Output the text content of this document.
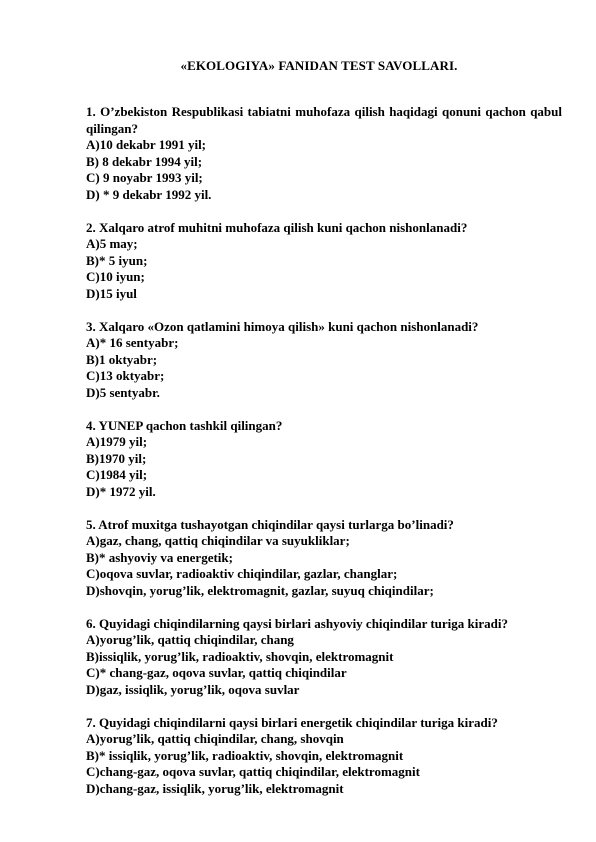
«EKOLOGIYA» FANIDAN TEST SAVOLLARI.
1. O’zbekiston Respublikasi tabiatni muhofaza qilish haqidagi qonuni qachon qabul qilingan?
A)10 dekabr 1991 yil;
B) 8 dekabr 1994 yil;
C) 9 noyabr 1993 yil;
D) * 9 dekabr 1992 yil.
2. Xalqaro atrof muhitni muhofaza qilish kuni qachon nishonlanadi?
A)5 may;
B)* 5 iyun;
C)10 iyun;
D)15 iyul
3. Xalqaro «Ozon qatlamini himoya qilish» kuni qachon nishonlanadi?
A)* 16 sentyabr;
B)1 oktyabr;
C)13 oktyabr;
D)5 sentyabr.
4. YUNEP qachon tashkil qilingan?
A)1979 yil;
B)1970 yil;
C)1984 yil;
D)* 1972 yil.
5. Atrof muxitga tushayotgan chiqindilar qaysi turlarga bo’linadi?
A)gaz, chang, qattiq chiqindilar va suyukliklar;
B)* ashyoviy va energetik;
C)oqova suvlar, radioaktiv chiqindilar, gazlar, changlar;
D)shovqin, yorug’lik, elektromagnit, gazlar, suyuq chiqindilar;
6. Quyidagi chiqindilarning qaysi birlari ashyoviy chiqindilar turiga kiradi?
A)yorug’lik, qattiq chiqindilar, chang
B)issiqlik, yorug’lik, radioaktiv, shovqin, elektromagnit
C)* chang-gaz, oqova suvlar, qattiq chiqindilar
D)gaz, issiqlik, yorug’lik, oqova suvlar
7. Quyidagi chiqindilarni qaysi birlari energetik chiqindilar turiga kiradi?
A)yorug’lik, qattiq chiqindilar, chang, shovqin
B)* issiqlik, yorug’lik, radioaktiv, shovqin, elektromagnit
C)chang-gaz, oqova suvlar, qattiq chiqindilar, elektromagnit
D)chang-gaz, issiqlik, yorug’lik, elektromagnit
